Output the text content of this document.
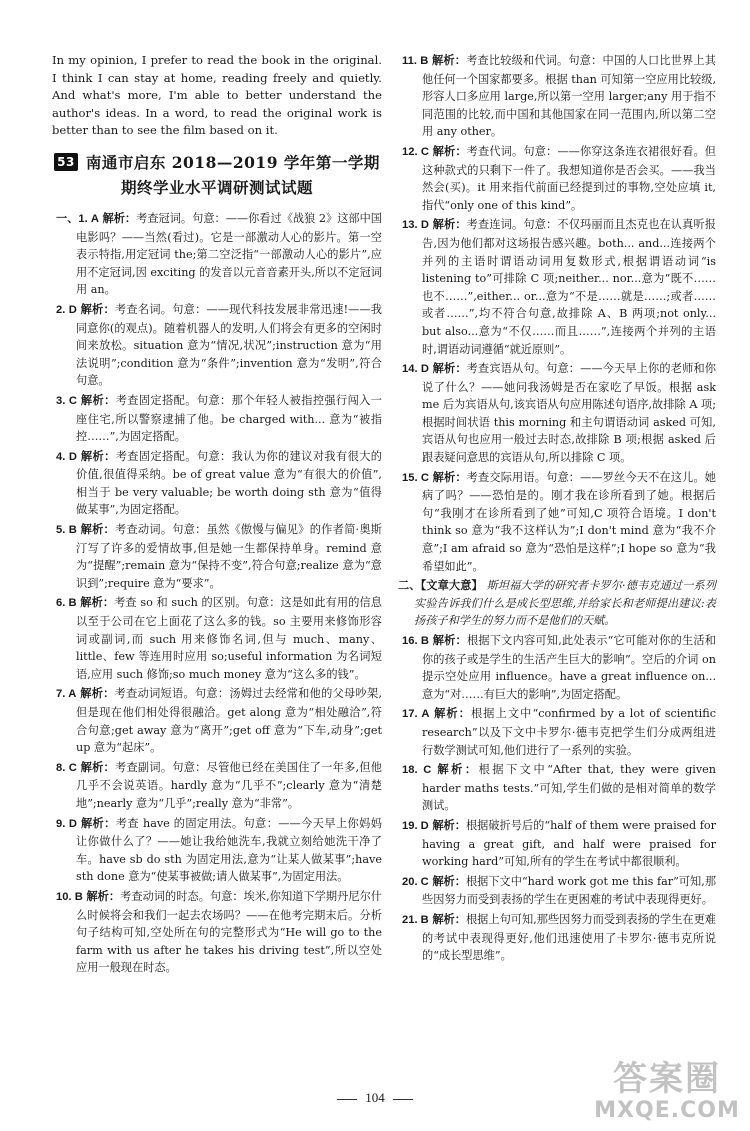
In my opinion, I prefer to read the book in the original. I think I can stay at home, reading freely and quietly. And what's more, I'm able to better understand the author's ideas. In a word, to read the original work is better than to see the film based on it.

53 南通市启东 2018—2019 学年第一学期
期终学业水平调研测试试题

一、1. A 解析：考查冠词。句意：——你看过《战狼 2》这部中国电影吗？——当然(看过)。它是一部激动人心的影片。第一空表示特指,用定冠词 the;第二空泛指“一部激动人心的影片”,应用不定冠词,因 exciting 的发音以元音音素开头,所以不定冠词用 an。

2. D 解析：考查名词。句意：——现代科技发展非常迅速!——我同意你(的观点)。随着机器人的发明,人们将会有更多的空闲时间来放松。situation 意为“情况,状况”;instruction 意为“用法说明”;condition 意为“条件”;invention 意为“发明”,符合句意。

3. C 解析：考查固定搭配。句意：那个年轻人被指控强行闯入一座住宅,所以警察逮捕了他。be charged with... 意为“被指控……”,为固定搭配。

4. D 解析：考查固定搭配。句意：我认为你的建议对我有很大的价值,很值得采纳。be of great value 意为“有很大的价值”,相当于 be very valuable; be worth doing sth 意为“值得做某事”,为固定搭配。

5. B 解析：考查动词。句意：虽然《傲慢与偏见》的作者简·奥斯汀写了许多的爱情故事,但是她一生都保持单身。remind 意为“提醒”;remain 意为“保持不变”,符合句意;realize 意为“意识到”;require 意为“要求”。

6. B 解析：考查 so 和 such 的区别。句意：这是如此有用的信息以至于公司在它上面花了这么多的钱。so 主要用来修饰形容词或副词,而 such 用来修饰名词,但与 much、many、little、few 等连用时应用 so;useful information 为名词短语,应用 such 修饰;so much money 意为“这么多的钱”。

7. A 解析：考查动词短语。句意：汤姆过去经常和他的父母吵架,但是现在他们相处得很融洽。get along 意为“相处融洽”,符合句意;get away 意为“离开”;get off 意为“下车,动身”;get up 意为“起床”。

8. C 解析：考查副词。句意：尽管他已经在美国住了一年多,但他几乎不会说英语。hardly 意为“几乎不”;clearly 意为“清楚地”;nearly 意为“几乎”;really 意为“非常”。

9. D 解析：考查 have 的固定用法。句意：——今天早上你妈妈让你做什么了？——她让我给她洗车,我就立刻给她洗干净了车。have sb do sth 为固定用法,意为“让某人做某事”;have sth done 意为“使某事被做;请人做某事”,为固定用法。

10. B 解析：考查动词的时态。句意：埃米,你知道下学期丹尼尔什么时候将会和我们一起去农场吗？——在他考完期末后。分析句子结构可知,空处所在句的完整形式为“He will go to the farm with us after he takes his driving test”,所以空处应用一般现在时态。

11. B 解析：考查比较级和代词。句意：中国的人口比世界上其他任何一个国家都要多。根据 than 可知第一空应用比较级,形容人口多应用 large,所以第一空用 larger;any 用于指不同范围的比较,而中国和其他国家在同一范围内,所以第二空用 any other。

12. C 解析：考查代词。句意：——你穿这条连衣裙很好看。但这种款式的只剩下一件了。我想知道你是否会买。——我当然会(买)。it 用来指代前面已经提到过的事物,空处应填 it,指代“only one of this kind”。

13. D 解析：考查连词。句意：不仅玛丽而且杰克也在认真听报告,因为他们都对这场报告感兴趣。both... and...连接两个并列的主语时谓语动词用复数形式,根据谓语动词“is listening to”可排除 C 项;neither... nor...意为“既不……也不……”,either... or...意为“不是……就是……;或者……或者……”,均不符合句意,故排除 A、B 两项;not only... but also...意为“不仅……而且……”,连接两个并列的主语时,谓语动词遵循“就近原则”。

14. D 解析：考查宾语从句。句意：——今天早上你的老师和你说了什么？——她问我汤姆是否在家吃了早饭。根据 ask me 后为宾语从句,该宾语从句应用陈述句语序,故排除 A 项;根据时间状语 this morning 和主句谓语动词 asked 可知,宾语从句也应用一般过去时态,故排除 B 项;根据 asked 后跟表疑问意思的宾语从句,所以排除 C 项。

15. C 解析：考查交际用语。句意：——罗丝今天不在这儿。她病了吗？——恐怕是的。刚才我在诊所看到了她。根据后句“我刚才在诊所看到了她”可知,C 项符合语境。I don't think so 意为“我不这样认为”;I don't mind 意为“我不介意”;I am afraid so 意为“恐怕是这样”;I hope so 意为“我希望如此”。

二、【文章大意】 斯坦福大学的研究者卡罗尔·德韦克通过一系列实验告诉我们什么是成长型思维,并给家长和老师提出建议:表扬孩子和学生的努力而不是他们的天赋。

16. B 解析：根据下文内容可知,此处表示“它可能对你的生活和你的孩子或是学生的生活产生巨大的影响”。空后的介词 on 提示空处应用 influence。have a great influence on... 意为“对……有巨大的影响”,为固定搭配。

17. A 解析：根据上文中“confirmed by a lot of scientific research”以及下文中卡罗尔·德韦克把学生们分成两组进行数学测试可知,他们进行了一系列的实验。

18. C 解析：根据下文中“After that, they were given harder maths tests.”可知,学生们做的是相对简单的数学测试。

19. D 解析：根据破折号后的“half of them were praised for having a great gift, and half were praised for working hard”可知,所有的学生在考试中都很顺利。

20. C 解析：根据下文中“hard work got me this far”可知,那些因努力而受到表扬的学生在更困难的考试中表现得更好。

21. B 解析：根据上句可知,那些因努力而受到表扬的学生在更难的考试中表现得更好,他们迅速使用了卡罗尔·德韦克所说的“成长型思维”。

104	答案圈
MXQE.COM
